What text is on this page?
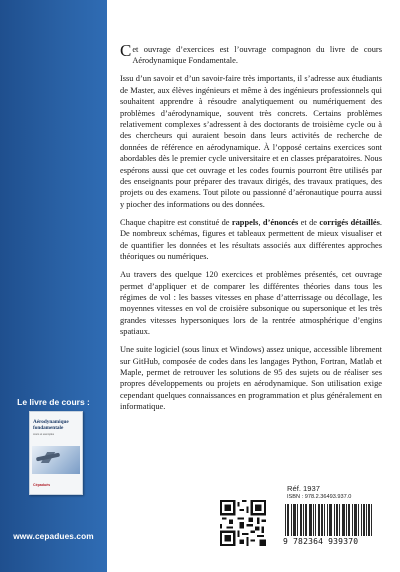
Le livre de cours :
Aérodynamique
fondamentale
cours et exemples
Cépaduès
www.cepadues.com

Cet ouvrage d’exercices est l’ouvrage compagnon du livre de cours Aérodynamique Fondamentale.

Issu d’un savoir et d’un savoir-faire très importants, il s’adresse aux étudiants de Master, aux élèves ingénieurs et même à des ingénieurs professionnels qui souhaitent apprendre à résoudre analytiquement ou numériquement des problèmes d’aérodynamique, souvent très concrets. Certains problèmes relativement complexes s’adressent à des doctorants de troisième cycle ou à des chercheurs qui auraient besoin dans leurs activités de recherche de données de référence en aérodynamique. À l’opposé certains exercices sont abordables dès le premier cycle universitaire et en classes préparatoires. Nous espérons aussi que cet ouvrage et les codes fournis pourront être utilisés par des enseignants pour préparer des travaux dirigés, des travaux pratiques, des projets ou des examens. Tout pilote ou passionné d’aéronautique pourra aussi y piocher des informations ou des données.

Chaque chapitre est constitué de rappels, d’énoncés et de corrigés détaillés. De nombreux schémas, figures et tableaux permettent de mieux visualiser et de quantifier les données et les résultats associés aux différentes approches théoriques ou numériques.

Au travers des quelque 120 exercices et problèmes présentés, cet ouvrage permet d’appliquer et de comparer les différentes théories dans tous les régimes de vol : les basses vitesses en phase d’atterrissage ou décollage, les moyennes vitesses en vol de croisière subsonique ou supersonique et les très grandes vitesses hypersoniques lors de la rentrée atmosphérique d’engins spatiaux.

Une suite logiciel (sous linux et Windows) assez unique, accessible librement sur GitHub, composée de codes dans les langages Python, Fortran, Matlab et Maple, permet de retrouver les solutions de 95 des sujets ou de réaliser ses propres développements ou projets en aérodynamique. Son utilisation exige cependant quelques connaissances en programmation et plus généralement en informatique.

Réf. 1937
ISBN : 978.2.36493.937.0
9 782364 939370
